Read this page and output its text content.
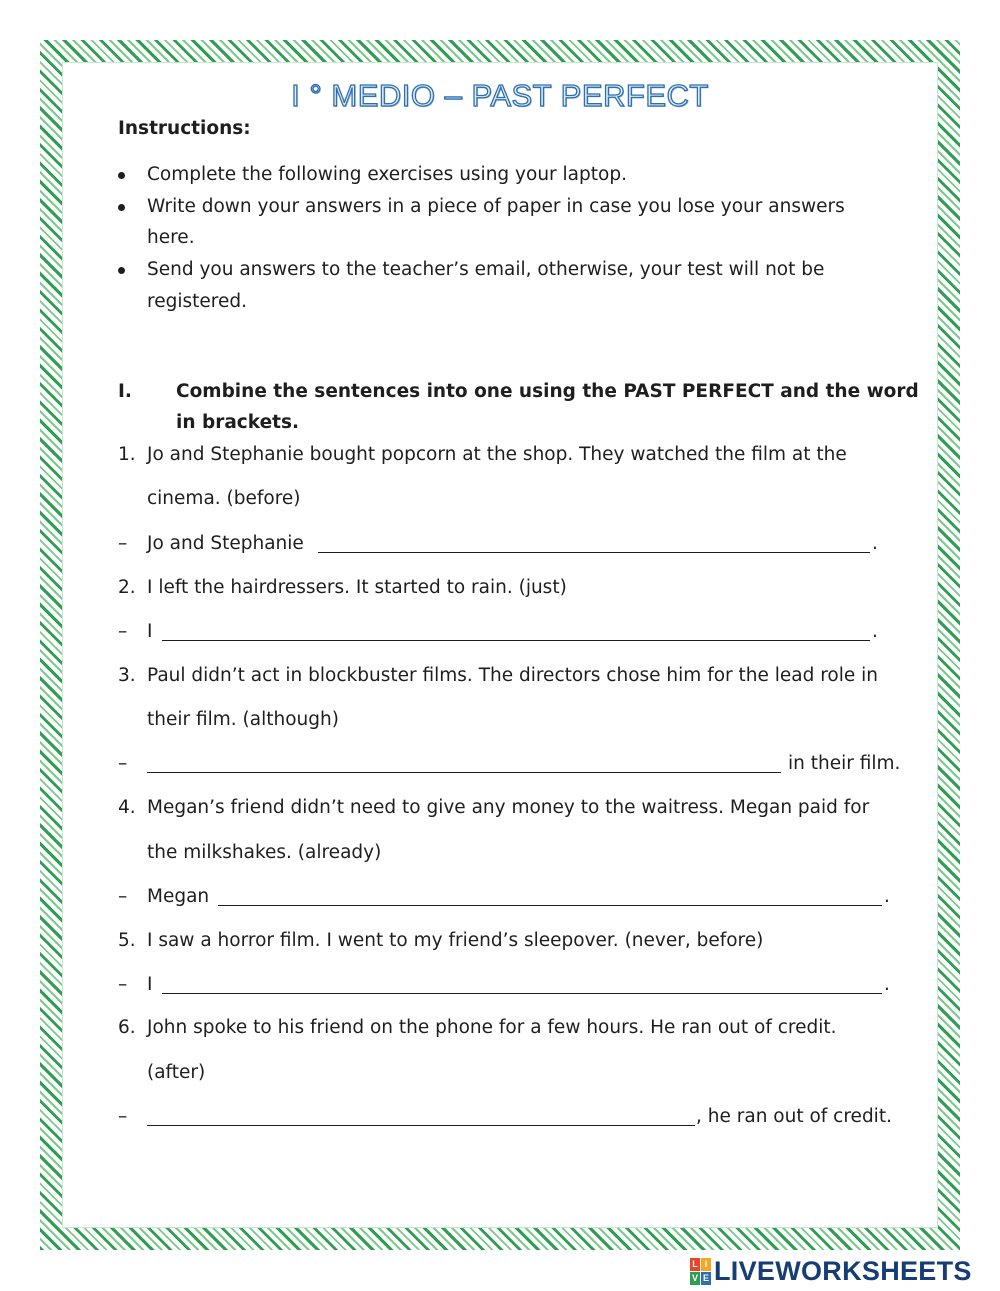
I ° MEDIO – PAST PERFECT
Instructions:
Complete the following exercises using your laptop.
Write down your answers in a piece of paper in case you lose your answers
here.
Send you answers to the teacher’s email, otherwise, your test will not be
registered.
I. Combine the sentences into one using the PAST PERFECT and the word
in brackets.
1. Jo and Stephanie bought popcorn at the shop. They watched the film at the
cinema. (before)
– Jo and Stephanie	.
2. I left the hairdressers. It started to rain. (just)
– I	.
3. Paul didn’t act in blockbuster films. The directors chose him for the lead role in
their film. (although)
–	in their film.
4. Megan’s friend didn’t need to give any money to the waitress. Megan paid for
the milkshakes. (already)
– Megan	.
5. I saw a horror film. I went to my friend’s sleepover. (never, before)
– I	.
6. John spoke to his friend on the phone for a few hours. He ran out of credit.
(after)
–	, he ran out of credit.
L I
V E LIVEWORKSHEETS
